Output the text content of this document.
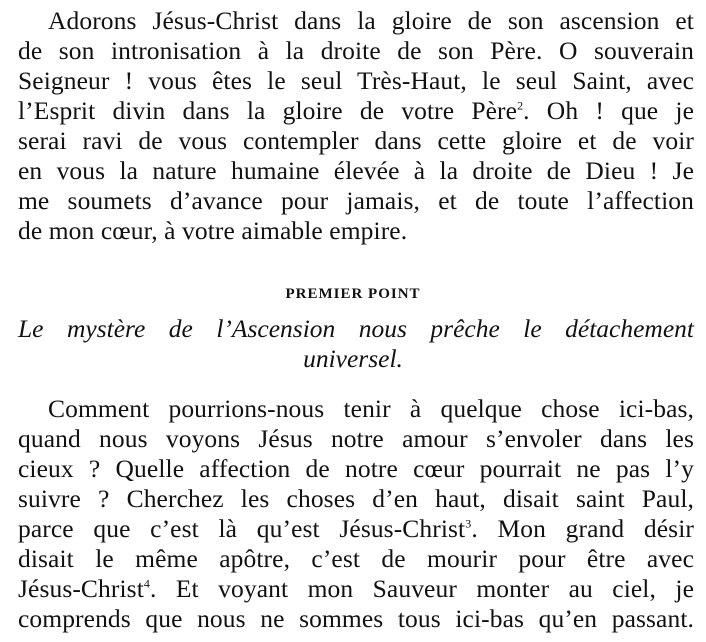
Adorons Jésus-Christ dans la gloire de son ascension et
de son intronisation à la droite de son Père. O souverain
Seigneur ! vous êtes le seul Très-Haut, le seul Saint, avec
l’Esprit divin dans la gloire de votre Père$^2$. Oh ! que je
serai ravi de vous contempler dans cette gloire et de voir
en vous la nature humaine élevée à la droite de Dieu ! Je
me soumets d’avance pour jamais, et de toute l’affection
de mon cœur, à votre aimable empire.
PREMIER POINT
Le mystère de l’Ascension nous prêche le détachement
universel.
Comment pourrions-nous tenir à quelque chose ici-bas,
quand nous voyons Jésus notre amour s’envoler dans les
cieux ? Quelle affection de notre cœur pourrait ne pas l’y
suivre ? Cherchez les choses d’en haut, disait saint Paul,
parce que c’est là qu’est Jésus-Christ$^3$. Mon grand désir
disait le même apôtre, c’est de mourir pour être avec
Jésus-Christ$^4$. Et voyant mon Sauveur monter au ciel, je
comprends que nous ne sommes tous ici-bas qu’en passant.
